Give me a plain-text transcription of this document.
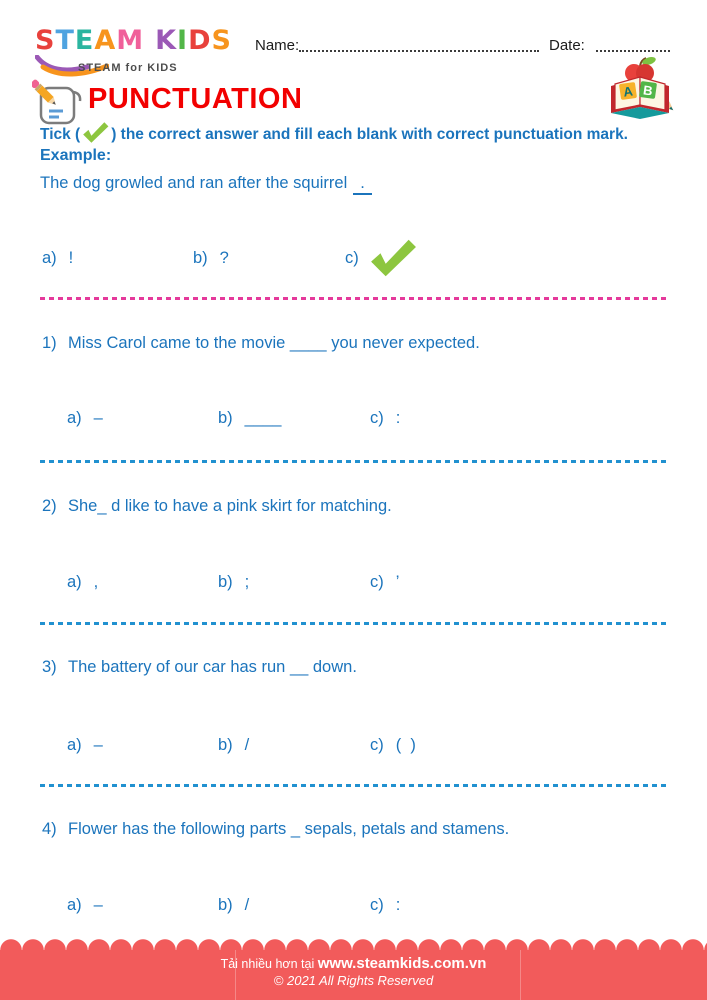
STEAM KIDS
STEAM for KIDS
Name:	Date:
PUNCTUATION	A B
Tick ( ) the correct answer and fill each blank with correct punctuation mark.
Example:
The dog growled and ran after the squirrel .
a) !	b) ?	c) .
1) Miss Carol came to the movie ____ you never expected.
a) –	b) ____	c) :
2) She_ d like to have a pink skirt for matching.
a) ,	b) ;	c) ’
3) The battery of our car has run __ down.
a) –	b) /	c) (  )
4) Flower has the following parts _ sepals, petals and stamens.
a) –	b) /	c) :
Tải nhiều hơn tại www.steamkids.com.vn
© 2021 All Rights Reserved
